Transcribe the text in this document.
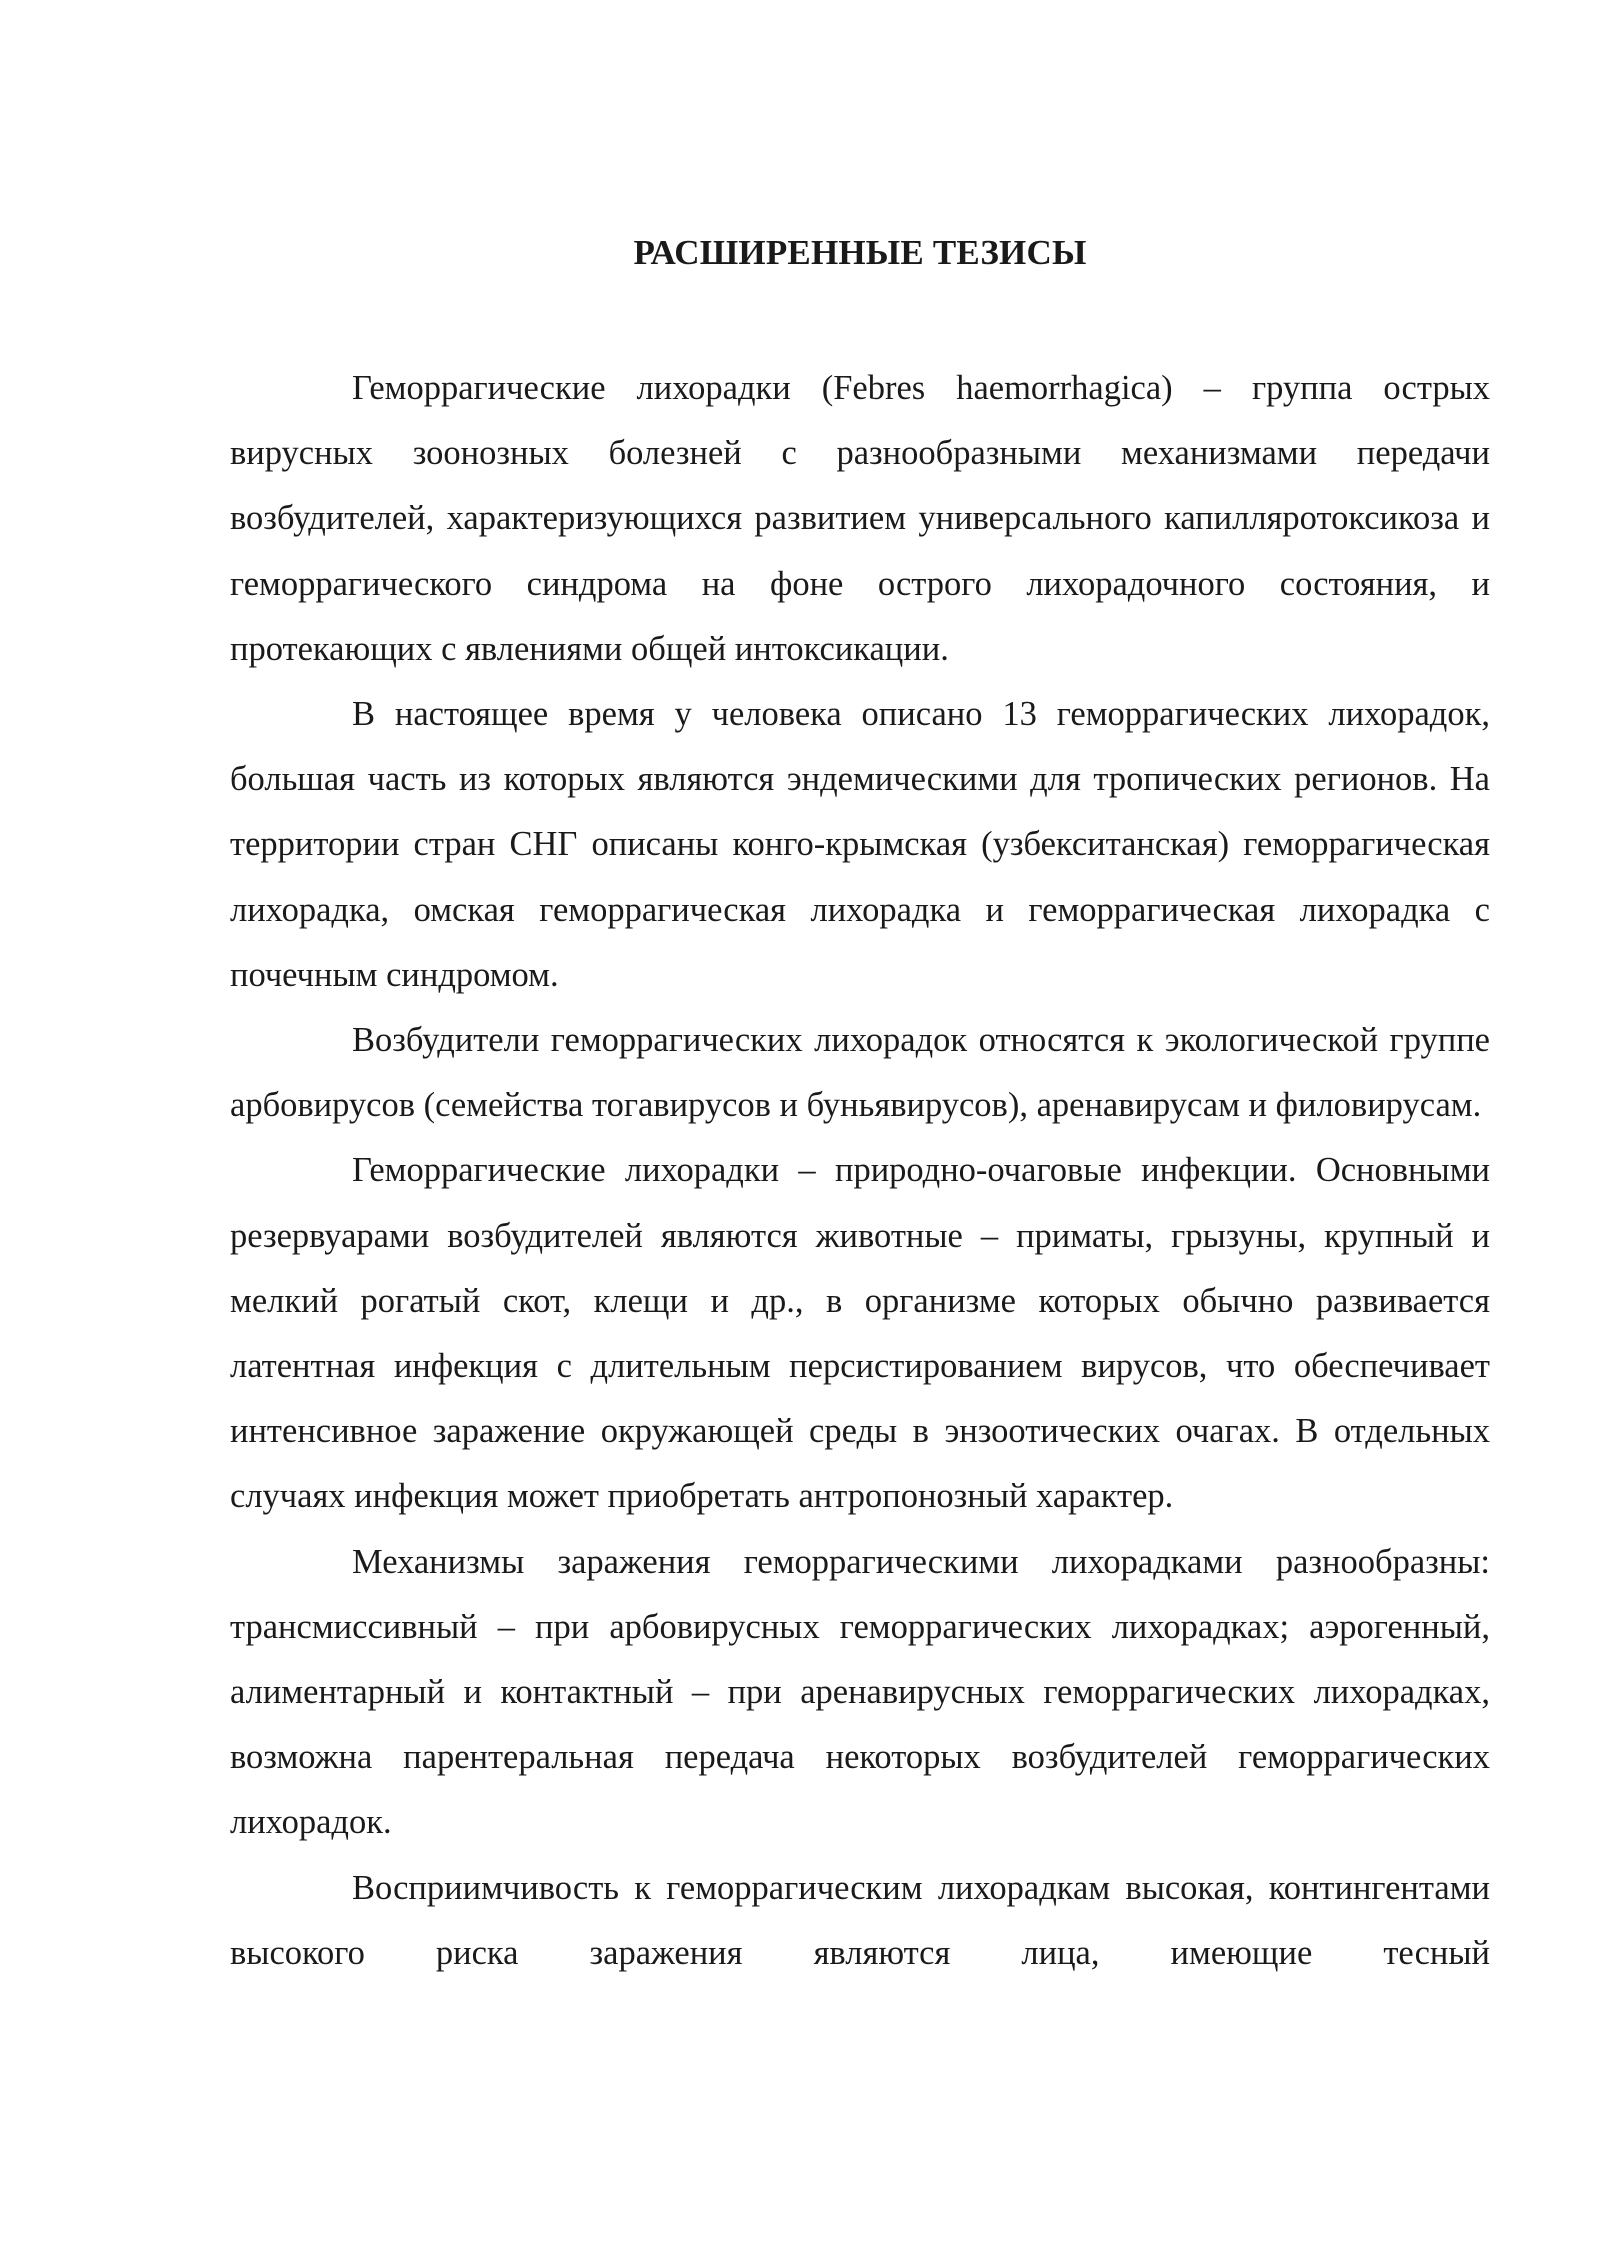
РАСШИРЕННЫЕ ТЕЗИСЫ

Геморрагические лихорадки (Febres haemorrhagica) – группа острых вирусных зоонозных болезней с разнообразными механизмами передачи возбудителей, характеризующихся развитием универсального капилляротоксикоза и геморрагического синдрома на фоне острого лихорадочного состояния, и протекающих с явлениями общей интоксикации.

В настоящее время у человека описано 13 геморрагических лихорадок, большая часть из которых являются эндемическими для тропических регионов. На территории стран СНГ описаны конго-крымская (узбекситанская) геморрагическая лихорадка, омская геморрагическая лихорадка и геморрагическая лихорадка с почечным синдромом.

Возбудители геморрагических лихорадок относятся к экологической группе арбовирусов (семейства тогавирусов и буньявирусов), аренавирусам и филовирусам.

Геморрагические лихорадки – природно-очаговые инфекции. Основными резервуарами возбудителей являются животные – приматы, грызуны, крупный и мелкий рогатый скот, клещи и др., в организме которых обычно развивается латентная инфекция с длительным персистированием вирусов, что обеспечивает интенсивное заражение окружающей среды в энзоотических очагах. В отдельных случаях инфекция может приобретать антропонозный характер.

Механизмы заражения геморрагическими лихорадками разнообразны: трансмиссивный – при арбовирусных геморрагических лихорадках; аэрогенный, алиментарный и контактный – при аренавирусных геморрагических лихорадках, возможна парентеральная передача некоторых возбудителей геморрагических лихорадок.

Восприимчивость к геморрагическим лихорадкам высокая, контингентами высокого риска заражения являются лица, имеющие тесный
